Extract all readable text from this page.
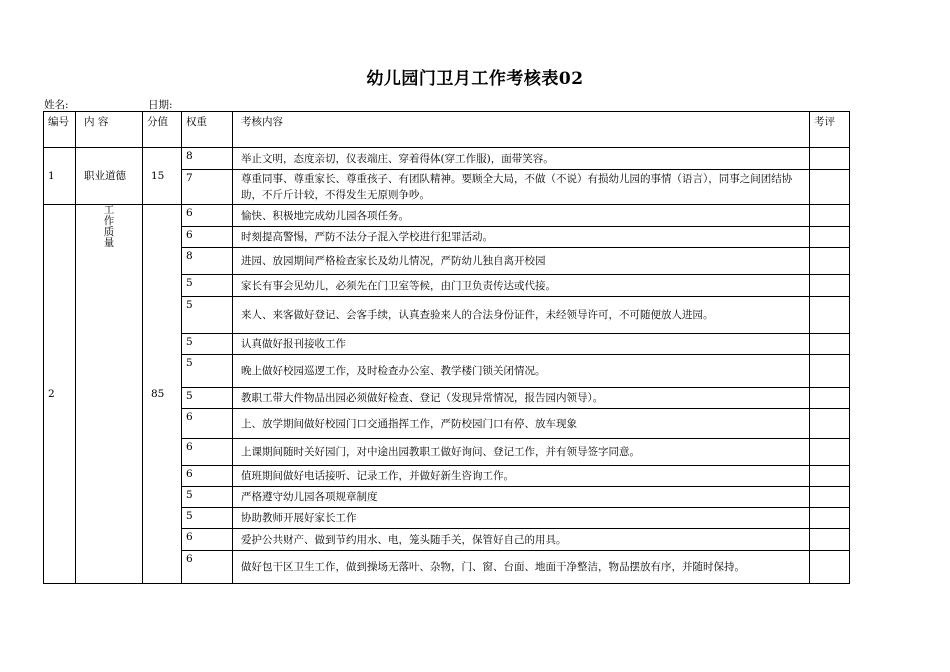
幼儿园门卫月工作考核表02
姓名:	日期:
编号	内 容	分值	权重	考核内容	考评
1	职业道德	15	8	举止文明，态度亲切，仪表端庄、穿着得体(穿工作服)，面带笑容。	
			7	尊重同事、尊重家长、尊重孩子、有团队精神。要顾全大局，不做（不说）有损幼儿园的事情（语言），同事之间团结协助，不斤斤计较，不得发生无原则争吵。	
2	工作质量	85	6	愉快、积极地完成幼儿园各项任务。	
			6	时刻提高警惕，严防不法分子混入学校进行犯罪活动。	
			8	进园、放园期间严格检查家长及幼儿情况，严防幼儿独自离开校园	
			5	家长有事会见幼儿，必须先在门卫室等候，由门卫负责传达或代接。	
			5	来人、来客做好登记、会客手续，认真查验来人的合法身份证件，未经领导许可，不可随便放人进园。	
			5	认真做好报刊接收工作	
			5	晚上做好校园巡逻工作，及时检查办公室、教学楼门锁关闭情况。	
			5	教职工带大件物品出园必须做好检查、登记（发现异常情况，报告园内领导）。	
			6	上、放学期间做好校园门口交通指挥工作，严防校园门口有停、放车现象	
			6	上课期间随时关好园门，对中途出园教职工做好询问、登记工作，并有领导签字同意。	
			6	值班期间做好电话接听、记录工作，并做好新生咨询工作。	
			5	严格遵守幼儿园各项规章制度	
			5	协助教师开展好家长工作	
			6	爱护公共财产、做到节约用水、电，笼头随手关，保管好自己的用具。	
			6	做好包干区卫生工作，做到操场无落叶、杂物，门、窗、台面、地面干净整洁，物品摆放有序，并随时保持。	
